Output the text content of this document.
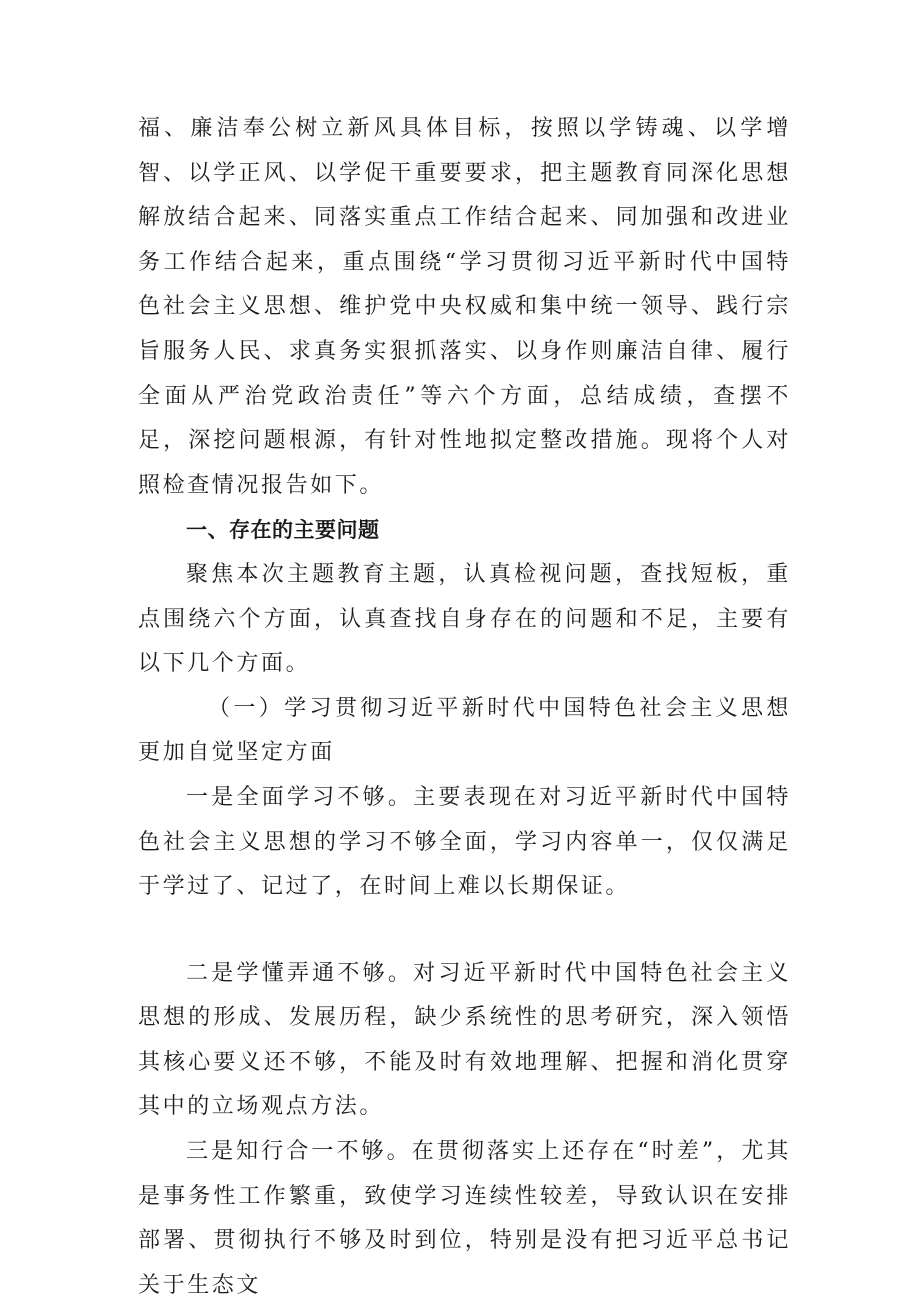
福、廉洁奉公树立新风具体目标，按照以学铸魂、以学增智、以学正风、以学促干重要要求，把主题教育同深化思想解放结合起来、同落实重点工作结合起来、同加强和改进业务工作结合起来，重点围绕“学习贯彻习近平新时代中国特色社会主义思想、维护党中央权威和集中统一领导、践行宗旨服务人民、求真务实狠抓落实、以身作则廉洁自律、履行全面从严治党政治责任”等六个方面，总结成绩，查摆不足，深挖问题根源，有针对性地拟定整改措施。现将个人对照检查情况报告如下。

一、存在的主要问题

聚焦本次主题教育主题，认真检视问题，查找短板，重点围绕六个方面，认真查找自身存在的问题和不足，主要有以下几个方面。

（一）学习贯彻习近平新时代中国特色社会主义思想更加自觉坚定方面

一是全面学习不够。主要表现在对习近平新时代中国特色社会主义思想的学习不够全面，学习内容单一，仅仅满足于学过了、记过了，在时间上难以长期保证。

二是学懂弄通不够。对习近平新时代中国特色社会主义思想的形成、发展历程，缺少系统性的思考研究，深入领悟其核心要义还不够，不能及时有效地理解、把握和消化贯穿其中的立场观点方法。

三是知行合一不够。在贯彻落实上还存在“时差”，尤其是事务性工作繁重，致使学习连续性较差，导致认识在安排部署、贯彻执行不够及时到位，特别是没有把习近平总书记关于生态文
